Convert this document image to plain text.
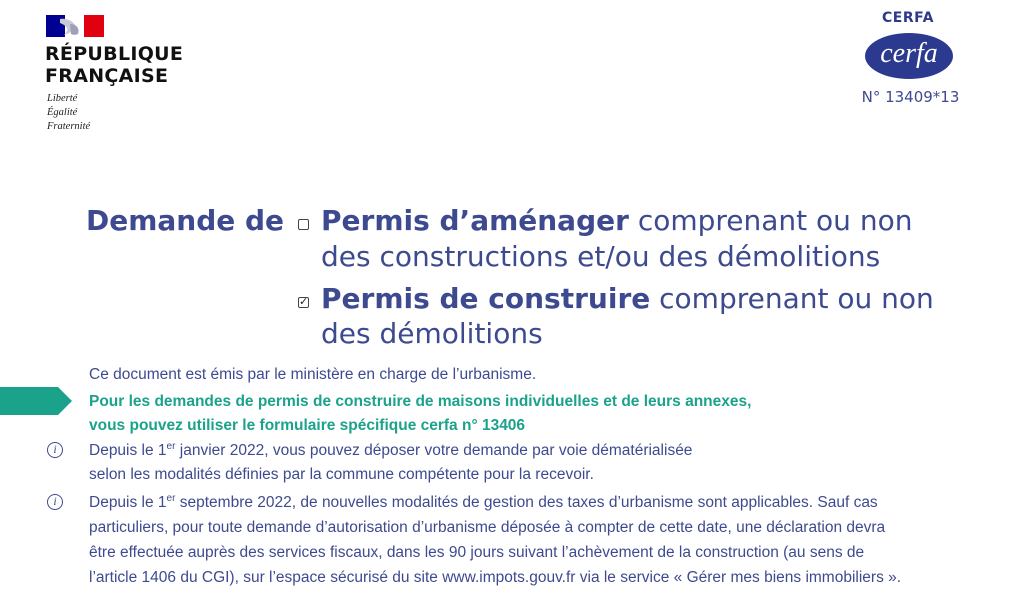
RÉPUBLIQUE
FRANÇAISE
Liberté
Égalité
Fraternité
CERFA
cerfa
N° 13409*13
Demande de Permis d’aménager comprenant ou non
des constructions et/ou des démolitions
✓ Permis de construire comprenant ou non
des démolitions
Ce document est émis par le ministère en charge de l’urbanisme.
Pour les demandes de permis de construire de maisons individuelles et de leurs annexes,
vous pouvez utiliser le formulaire spécifique cerfa n° 13406
i	Depuis le 1er janvier 2022, vous pouvez déposer votre demande par voie dématérialisée
selon les modalités définies par la commune compétente pour la recevoir.
i	Depuis le 1er septembre 2022, de nouvelles modalités de gestion des taxes d’urbanisme sont applicables. Sauf cas
particuliers, pour toute demande d’autorisation d’urbanisme déposée à compter de cette date, une déclaration devra
être effectuée auprès des services fiscaux, dans les 90 jours suivant l’achèvement de la construction (au sens de
l’article 1406 du CGI), sur l’espace sécurisé du site www.impots.gouv.fr via le service « Gérer mes biens immobiliers ».
